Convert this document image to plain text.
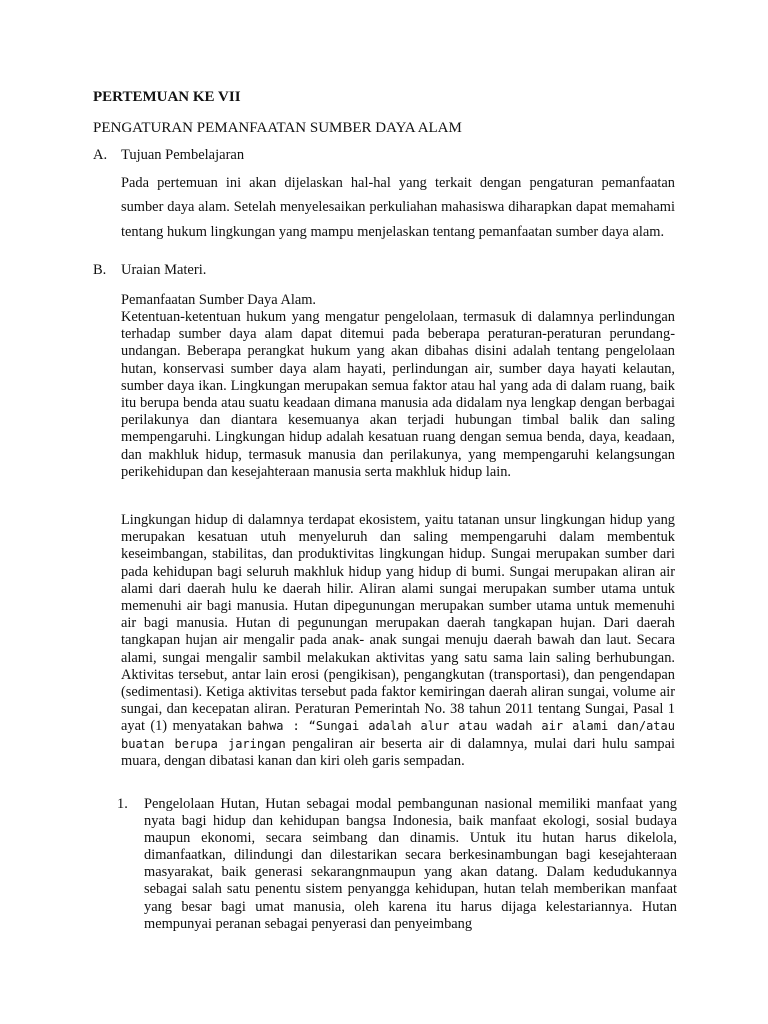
PERTEMUAN KE VII
PENGATURAN PEMANFAATAN SUMBER DAYA ALAM
A. Tujuan Pembelajaran

Pada pertemuan ini akan dijelaskan hal-hal yang terkait dengan pengaturan pemanfaatan sumber daya alam. Setelah menyelesaikan perkuliahan mahasiswa diharapkan dapat memahami tentang hukum lingkungan yang mampu menjelaskan tentang pemanfaatan sumber daya alam.

B. Uraian Materi.

Pemanfaatan Sumber Daya Alam.

Ketentuan-ketentuan hukum yang mengatur pengelolaan, termasuk di dalamnya perlindungan terhadap sumber daya alam dapat ditemui pada beberapa peraturan-peraturan perundang-undangan. Beberapa perangkat hukum yang akan dibahas disini adalah tentang pengelolaan hutan, konservasi sumber daya alam hayati, perlindungan air, sumber daya hayati kelautan, sumber daya ikan. Lingkungan merupakan semua faktor atau hal yang ada di dalam ruang, baik itu berupa benda atau suatu keadaan dimana manusia ada didalam nya lengkap dengan berbagai perilakunya dan diantara kesemuanya akan terjadi hubungan timbal balik dan saling mempengaruhi. Lingkungan hidup adalah kesatuan ruang dengan semua benda, daya, keadaan, dan makhluk hidup, termasuk manusia dan perilakunya, yang mempengaruhi kelangsungan perikehidupan dan kesejahteraan manusia serta makhluk hidup lain.

Lingkungan hidup di dalamnya terdapat ekosistem, yaitu tatanan unsur lingkungan hidup yang merupakan kesatuan utuh menyeluruh dan saling mempengaruhi dalam membentuk keseimbangan, stabilitas, dan produktivitas lingkungan hidup. Sungai merupakan sumber dari pada kehidupan bagi seluruh makhluk hidup yang hidup di bumi. Sungai merupakan aliran air alami dari daerah hulu ke daerah hilir. Aliran alami sungai merupakan sumber utama untuk memenuhi air bagi manusia. Hutan dipegunungan merupakan sumber utama untuk memenuhi air bagi manusia. Hutan di pegunungan merupakan daerah tangkapan hujan. Dari daerah tangkapan hujan air mengalir pada anak- anak sungai menuju daerah bawah dan laut. Secara alami, sungai mengalir sambil melakukan aktivitas yang satu sama lain saling berhubungan. Aktivitas tersebut, antar lain erosi (pengikisan), pengangkutan (transportasi), dan pengendapan (sedimentasi). Ketiga aktivitas tersebut pada faktor kemiringan daerah aliran sungai, volume air sungai, dan kecepatan aliran. Peraturan Pemerintah No. 38 tahun 2011 tentang Sungai, Pasal 1 ayat (1) menyatakan bahwa : “Sungai adalah alur atau wadah air alami dan/atau buatan berupa jaringan pengaliran air beserta air di dalamnya, mulai dari hulu sampai muara, dengan dibatasi kanan dan kiri oleh garis sempadan.
1. Pengelolaan Hutan, Hutan sebagai modal pembangunan nasional memiliki manfaat yang nyata bagi hidup dan kehidupan bangsa Indonesia, baik manfaat ekologi, sosial budaya maupun ekonomi, secara seimbang dan dinamis. Untuk itu hutan harus dikelola, dimanfaatkan, dilindungi dan dilestarikan secara berkesinambungan bagi kesejahteraan masyarakat, baik generasi sekarangnmaupun yang akan datang. Dalam kedudukannya sebagai salah satu penentu sistem penyangga kehidupan, hutan telah memberikan manfaat yang besar bagi umat manusia, oleh karena itu harus dijaga kelestariannya. Hutan mempunyai peranan sebagai penyerasi dan penyeimbang
